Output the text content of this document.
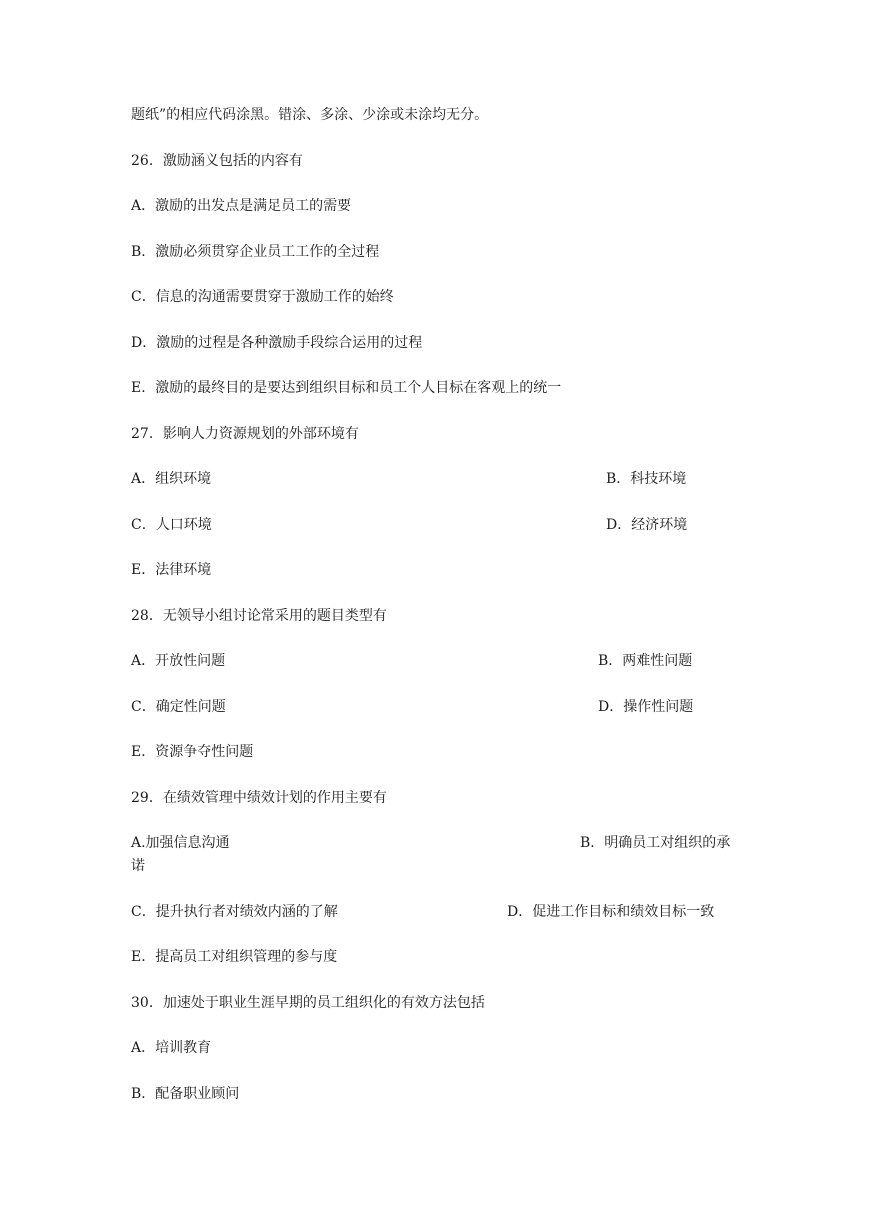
题纸”的相应代码涂黑。错涂、多涂、少涂或未涂均无分。
26．激励涵义包括的内容有
A．激励的出发点是满足员工的需要
B．激励必须贯穿企业员工工作的全过程
C．信息的沟通需要贯穿于激励工作的始终
D．激励的过程是各种激励手段综合运用的过程
E．激励的最终目的是要达到组织目标和员工个人目标在客观上的统一
27．影响人力资源规划的外部环境有
A．组织环境	B．科技环境
C．人口环境	D．经济环境
E．法律环境
28．无领导小组讨论常采用的题目类型有
A．开放性问题	B．两难性问题
C．确定性问题	D．操作性问题
E．资源争夺性问题
29．在绩效管理中绩效计划的作用主要有
A.加强信息沟通	B．明确员工对组织的承
诺
C．提升执行者对绩效内涵的了解	D．促进工作目标和绩效目标一致
E．提高员工对组织管理的参与度
30．加速处于职业生涯早期的员工组织化的有效方法包括
A．培训教育
B．配备职业顾问
